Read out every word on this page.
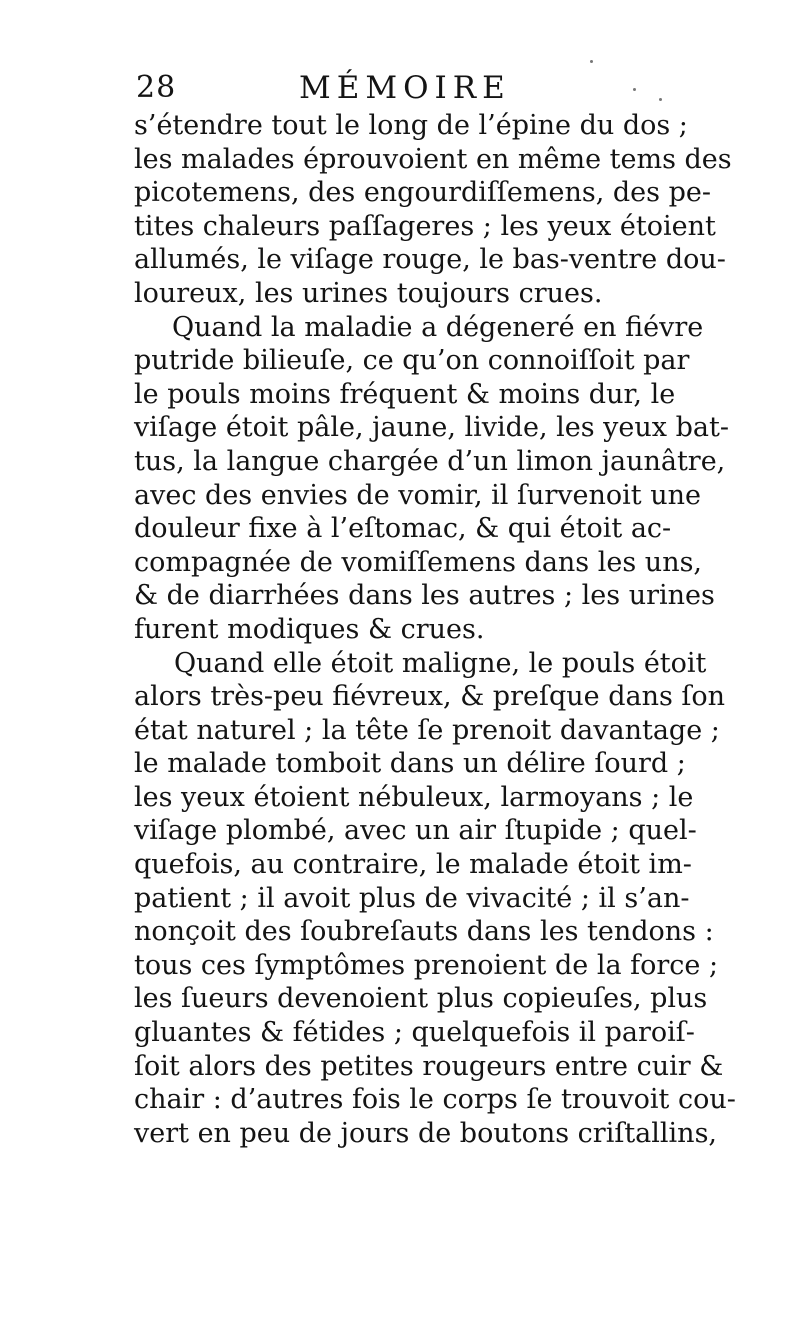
28	MÉMOIRE
s’étendre tout le long de l’épine du dos ;
les malades éprouvoient en même tems des
picotemens, des engourdiſſemens, des pe-
tites chaleurs paſſageres ; les yeux étoient
allumés, le viſage rouge, le bas-ventre dou-
loureux, les urines toujours crues.
Quand la maladie a dégeneré en fiévre
putride bilieuſe, ce qu’on connoiſſoit par
le pouls moins fréquent & moins dur, le
viſage étoit pâle, jaune, livide, les yeux bat-
tus, la langue chargée d’un limon jaunâtre,
avec des envies de vomir, il ſurvenoit une
douleur fixe à l’eſtomac, & qui étoit ac-
compagnée de vomiſſemens dans les uns,
& de diarrhées dans les autres ; les urines
furent modiques & crues.
Quand elle étoit maligne, le pouls étoit
alors très-peu fiévreux, & preſque dans ſon
état naturel ; la tête ſe prenoit davantage ;
le malade tomboit dans un délire ſourd ;
les yeux étoient nébuleux, larmoyans ; le
viſage plombé, avec un air ſtupide ; quel-
quefois, au contraire, le malade étoit im-
patient ; il avoit plus de vivacité ; il s’an-
nonçoit des ſoubreſauts dans les tendons :
tous ces ſymptômes prenoient de la force ;
les ſueurs devenoient plus copieuſes, plus
gluantes & fétides ; quelquefois il paroiſ-
ſoit alors des petites rougeurs entre cuir &
chair : d’autres fois le corps ſe trouvoit cou-
vert en peu de jours de boutons criſtallins,
